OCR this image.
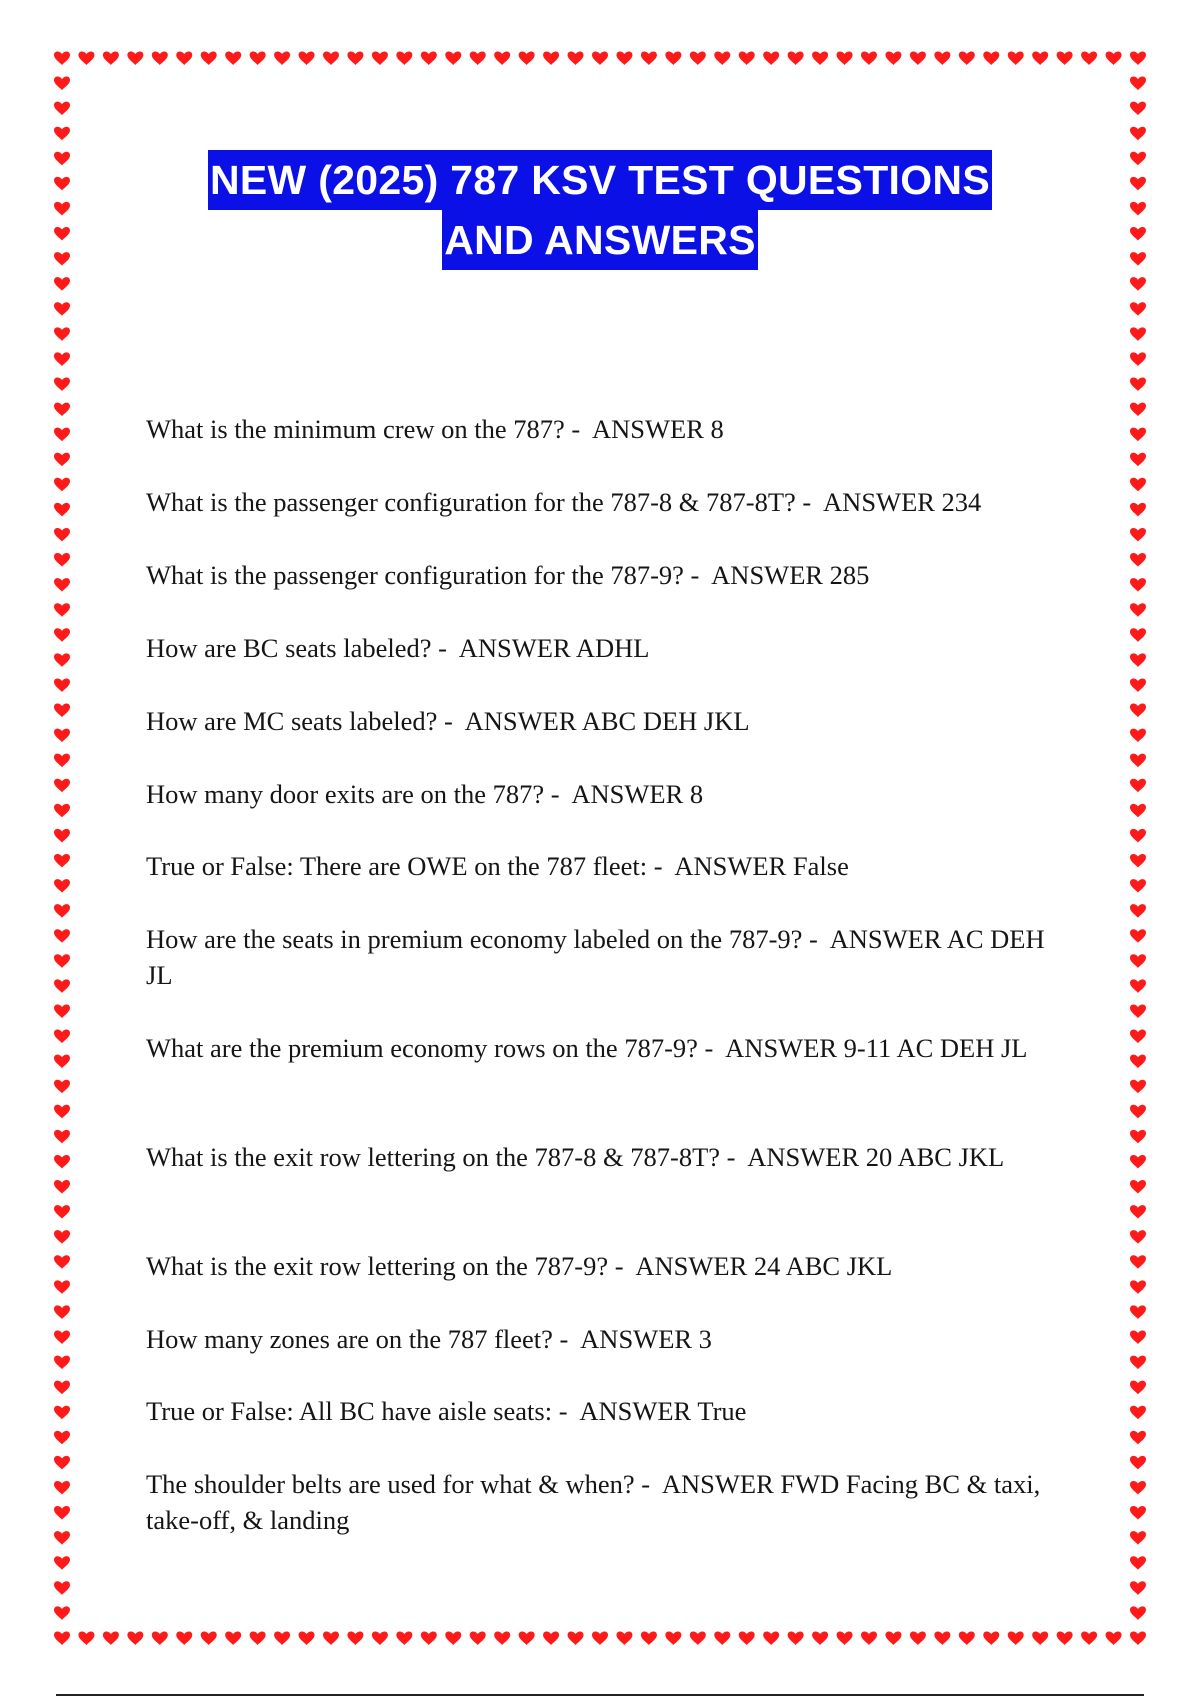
NEW (2025) 787 KSV TEST QUESTIONS
AND ANSWERS
What is the minimum crew on the 787? -  ANSWER 8
What is the passenger configuration for the 787-8 & 787-8T? -  ANSWER 234
What is the passenger configuration for the 787-9? -  ANSWER 285
How are BC seats labeled? -  ANSWER ADHL
How are MC seats labeled? -  ANSWER ABC DEH JKL
How many door exits are on the 787? -  ANSWER 8
True or False: There are OWE on the 787 fleet: -  ANSWER False
How are the seats in premium economy labeled on the 787-9? -  ANSWER AC DEH JL
What are the premium economy rows on the 787-9? -  ANSWER 9-11 AC DEH JL
What is the exit row lettering on the 787-8 & 787-8T? -  ANSWER 20 ABC JKL
What is the exit row lettering on the 787-9? -  ANSWER 24 ABC JKL
How many zones are on the 787 fleet? -  ANSWER 3
True or False: All BC have aisle seats: -  ANSWER True
The shoulder belts are used for what & when? -  ANSWER FWD Facing BC & taxi, take-off, & landing
